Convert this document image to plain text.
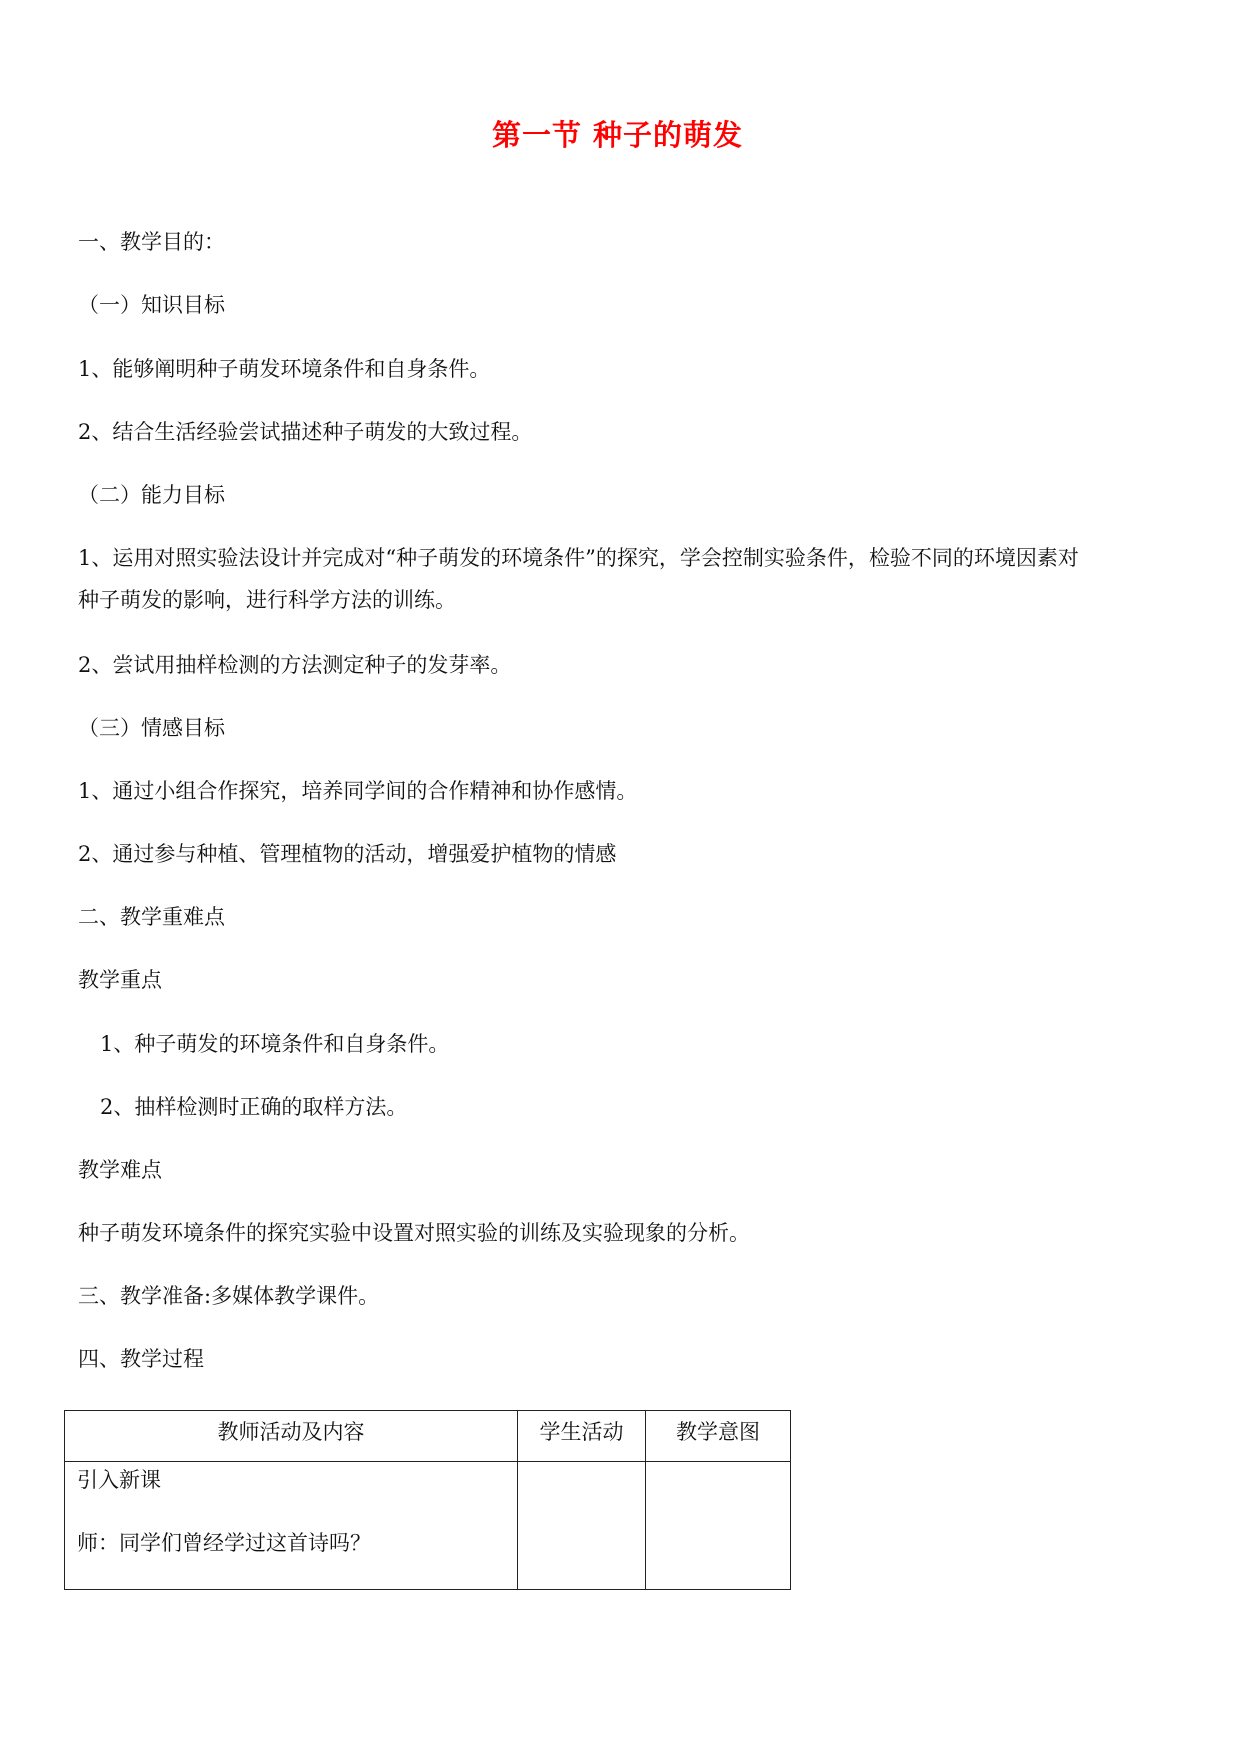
第一节 种子的萌发
一、教学目的：
（一）知识目标
1、能够阐明种子萌发环境条件和自身条件。
2、结合生活经验尝试描述种子萌发的大致过程。
（二）能力目标
1、运用对照实验法设计并完成对“种子萌发的环境条件”的探究，学会控制实验条件，检验不同的环境因素对
种子萌发的影响，进行科学方法的训练。
2、尝试用抽样检测的方法测定种子的发芽率。
（三）情感目标
1、通过小组合作探究，培养同学间的合作精神和协作感情。
2、通过参与种植、管理植物的活动，增强爱护植物的情感
二、教学重难点
教学重点
1、种子萌发的环境条件和自身条件。
2、抽样检测时正确的取样方法。
教学难点
种子萌发环境条件的探究实验中设置对照实验的训练及实验现象的分析。
三、教学准备:多媒体教学课件。
四、教学过程
教师活动及内容	学生活动	教学意图

引入新课
师：同学们曾经学过这首诗吗？		
